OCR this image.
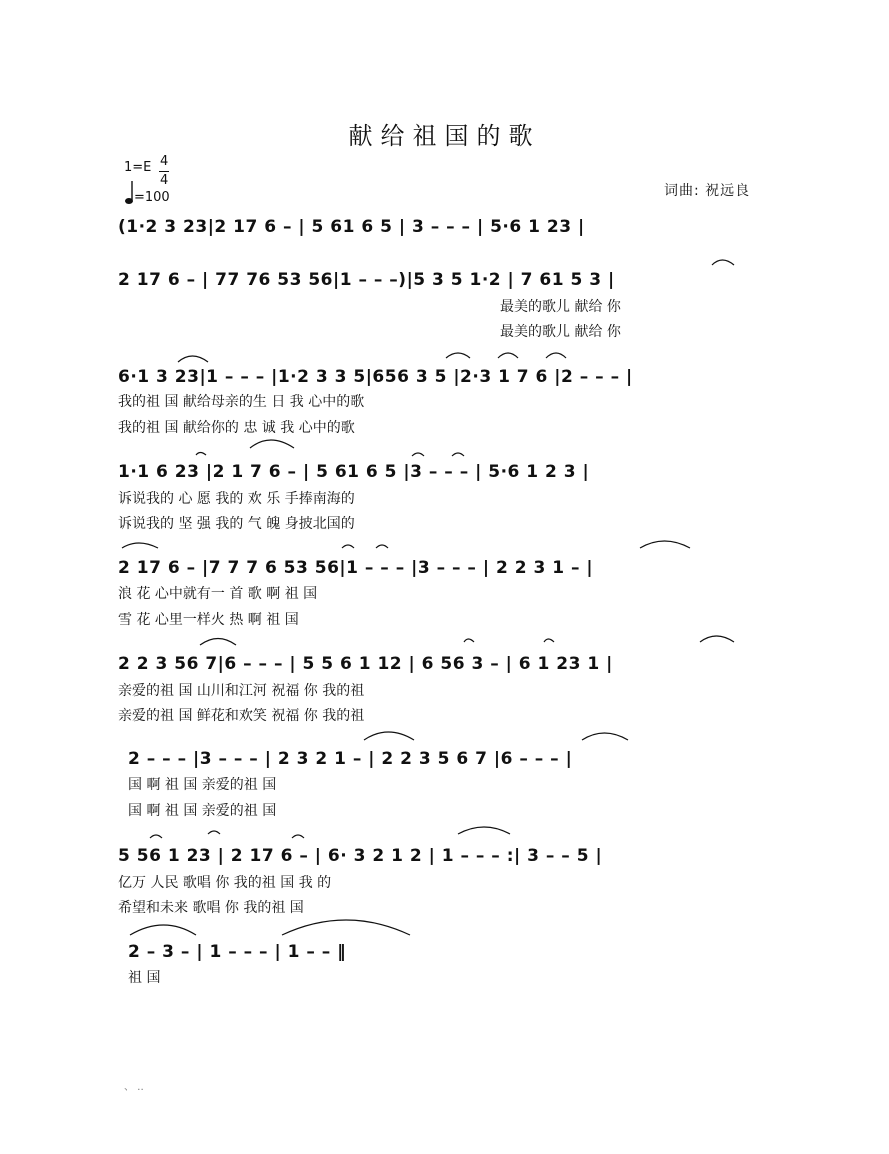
献给祖国的歌
1=E 4
4
=100	词曲: 祝远良
(1·2 3 23|2 17 6 – | 5 61 6 5 | 3 – – – | 5·6 1 23 |
2 17 6 – | 77 76 53 56|1 – – –)|5 3 5 1·2 | 7 61 5 3 |
最美的歌儿 献给 你
最美的歌儿 献给 你
6·1 3 23|1 – – – |1·2 3 3 5|656 3 5 |2·3 1 7 6 |2 – – – |
我的祖 国 献给母亲的生 日 我 心中的歌
我的祖 国 献给你的 忠 诚 我 心中的歌
1·1 6 23 |2 1 7 6 – | 5 61 6 5 |3 – – – | 5·6 1 2 3 |
诉说我的 心 愿 我的 欢 乐 手捧南海的
诉说我的 坚 强 我的 气 魄 身披北国的
2 17 6 – |7 7 7 6 53 56|1 – – – |3 – – – | 2 2 3 1 – |
浪 花 心中就有一 首 歌 啊 祖 国
雪 花 心里一样火 热 啊 祖 国
2 2 3 56 7|6 – – – | 5 5 6 1 12 | 6 56 3 – | 6 1 23 1 |
亲爱的祖 国 山川和江河 祝福 你 我的祖
亲爱的祖 国 鲜花和欢笑 祝福 你 我的祖
2 – – – |3 – – – | 2 3 2 1 – | 2 2 3 5 6 7 |6 – – – |
国 啊 祖 国 亲爱的祖 国
国 啊 祖 国 亲爱的祖 国
5 56 1 23 | 2 17 6 – | 6· 3 2 1 2 | 1 – – – :| 3 – – 5 |
亿万 人民 歌唱 你 我的祖 国 我 的
希望和未来 歌唱 你 我的祖 国
2 – 3 – | 1 – – – | 1 – – ‖
祖 国
、 ‥
